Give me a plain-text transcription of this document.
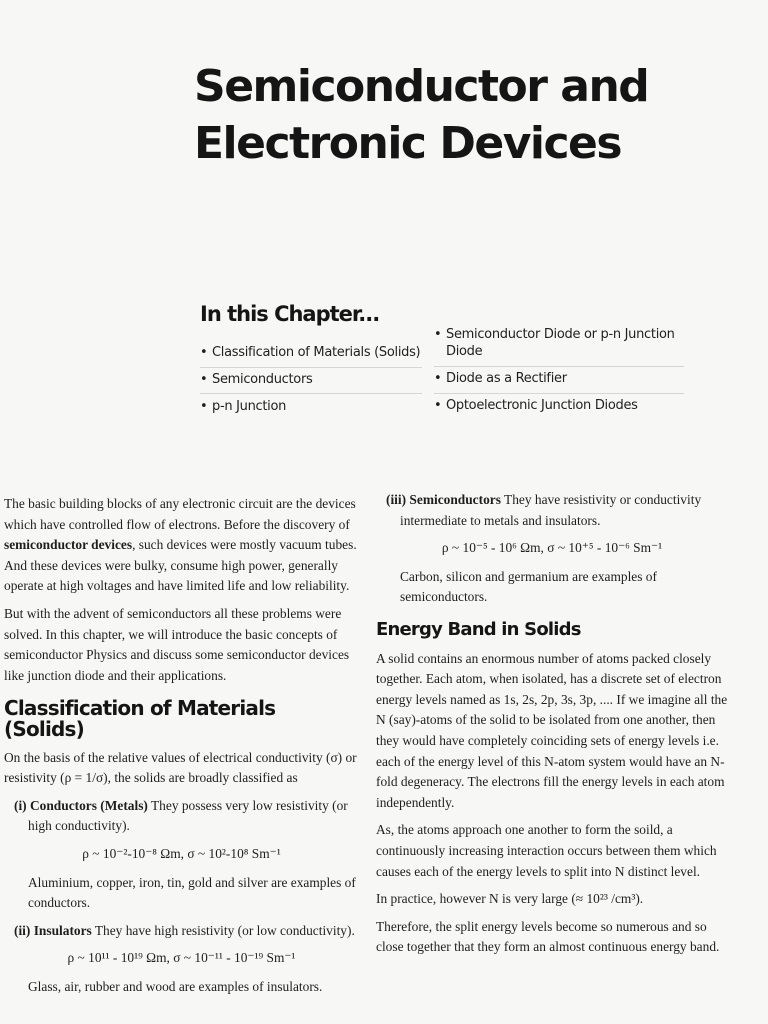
Semiconductor and
Electronic Devices
In this Chapter...
• Classification of Materials (Solids)
• Semiconductors
• p-n Junction
• Semiconductor Diode or p-n Junction Diode
• Diode as a Rectifier
• Optoelectronic Junction Diodes

The basic building blocks of any electronic circuit are the devices which have controlled flow of electrons. Before the discovery of semiconductor devices, such devices were mostly vacuum tubes. And these devices were bulky, consume high power, generally operate at high voltages and have limited life and low reliability.

But with the advent of semiconductors all these problems were solved. In this chapter, we will introduce the basic concepts of semiconductor Physics and discuss some semiconductor devices like junction diode and their applications.

Classification of Materials (Solids)

On the basis of the relative values of electrical conductivity (σ) or resistivity (ρ = 1/σ), the solids are broadly classified as

(i) Conductors (Metals) They possess very low resistivity (or high conductivity).

ρ ~ 10⁻²-10⁻⁸ Ωm, σ ~ 10²-10⁸ Sm⁻¹

Aluminium, copper, iron, tin, gold and silver are examples of conductors.

(ii) Insulators They have high resistivity (or low conductivity).

ρ ~ 10¹¹ - 10¹⁹ Ωm, σ ~ 10⁻¹¹ - 10⁻¹⁹ Sm⁻¹

Glass, air, rubber and wood are examples of insulators.

(iii) Semiconductors They have resistivity or conductivity intermediate to metals and insulators.

ρ ~ 10⁻⁵ - 10⁶ Ωm, σ ~ 10⁺⁵ - 10⁻⁶ Sm⁻¹

Carbon, silicon and germanium are examples of semiconductors.

Energy Band in Solids

A solid contains an enormous number of atoms packed closely together. Each atom, when isolated, has a discrete set of electron energy levels named as 1s, 2s, 2p, 3s, 3p, .... If we imagine all the N (say)-atoms of the solid to be isolated from one another, then they would have completely coinciding sets of energy levels i.e. each of the energy level of this N-atom system would have an N-fold degeneracy. The electrons fill the energy levels in each atom independently.

As, the atoms approach one another to form the soild, a continuously increasing interaction occurs between them which causes each of the energy levels to split into N distinct level.

In practice, however N is very large (≈ 10²³ /cm³).

Therefore, the split energy levels become so numerous and so close together that they form an almost continuous energy band.
